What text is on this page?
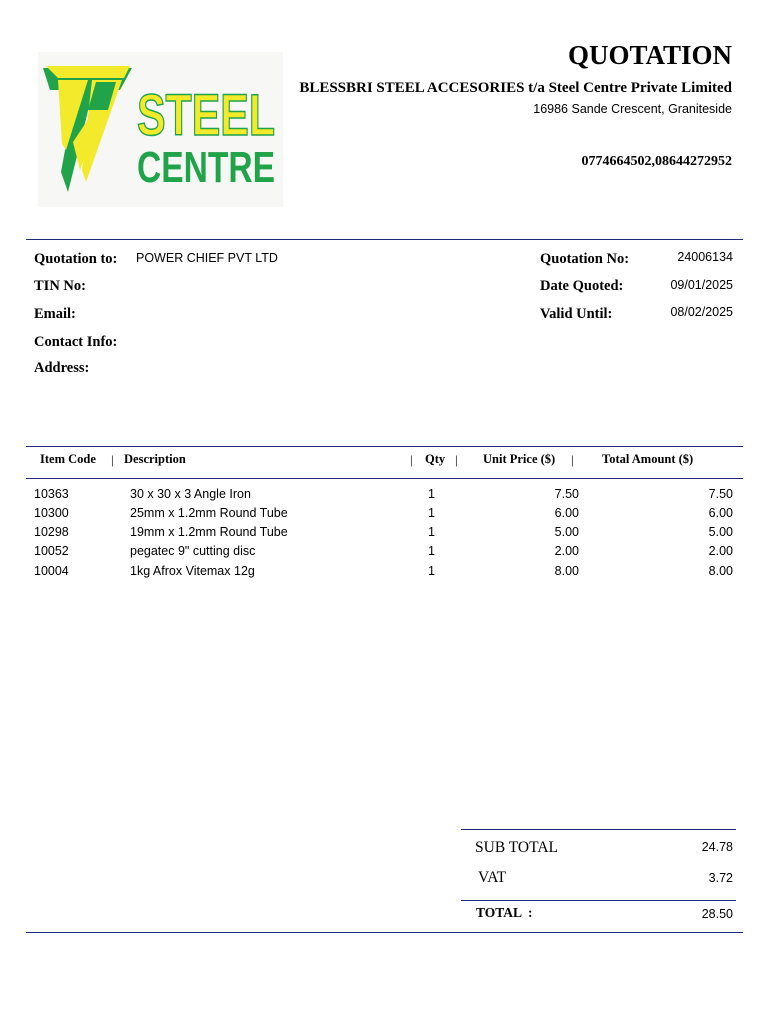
STEEL
CENTRE
QUOTATION
BLESSBRI STEEL ACCESORIES t/a Steel Centre Private Limited
16986 Sande Crescent, Graniteside
0774664502,08644272952
Quotation to: POWER CHIEF PVT LTD
TIN No:
Email:
Contact Info:
Address:
Quotation No:	24006134
Date Quoted:	09/01/2025
Valid Until:	08/02/2025
Item Code | Description	| Qty | Unit Price ($) | Total Amount ($)
10363	30 x 30 x 3 Angle Iron	1	7.50	7.50
10300	25mm x 1.2mm Round Tube	1	6.00	6.00
10298	19mm x 1.2mm Round Tube	1	5.00	5.00
10052	pegatec 9" cutting disc	1	2.00	2.00
10004	1kg Afrox Vitemax 12g	1	8.00	8.00
SUB TOTAL	24.78
VAT	3.72
TOTAL  :	28.50
